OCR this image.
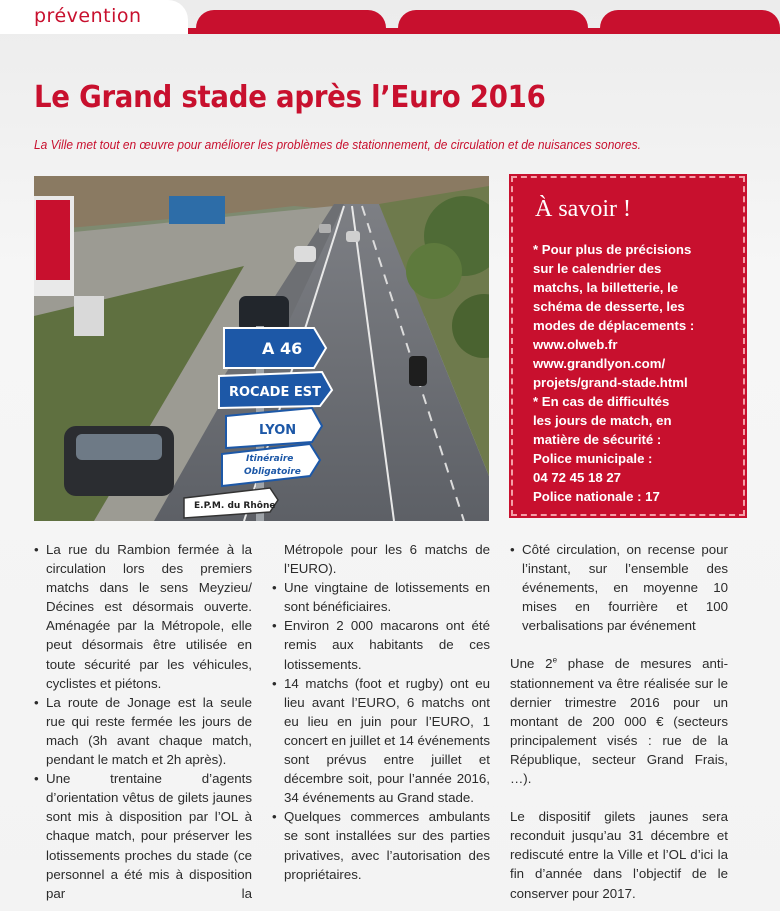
prévention
Le Grand stade après l’Euro 2016
La Ville met tout en œuvre pour améliorer les problèmes de stationnement, de circulation et de nuisances sonores.
A 46
ROCADE EST
LYON
Itinéraire
Obligatoire
E.P.M. du Rhône
À savoir !
* Pour plus de précisions
sur le calendrier des
matchs, la billetterie, le
schéma de desserte, les
modes de déplacements :
www.olweb.fr
www.grandlyon.com/
projets/grand-stade.html
* En cas de difficultés
les jours de match, en
matière de sécurité :
Police municipale :
04 72 45 18 27
Police nationale : 17
• La rue du Rambion fermée à la circulation lors des premiers matchs dans le sens Meyzieu/ Décines est désormais ouverte. Aménagée par la Métropole, elle peut désormais être utilisée en toute sécurité par les véhicules, cyclistes et piétons.
• La route de Jonage est la seule rue qui reste fermée les jours de mach (3h avant chaque match, pendant le match et 2h après).
• Une trentaine d’agents d’orientation vêtus de gilets jaunes sont mis à disposition par l’OL à chaque match, pour préserver les lotissements proches du stade (ce personnel a été mis à disposition par la
Métropole pour les 6 matchs de l’EURO).
• Une vingtaine de lotissements en sont bénéficiaires.
• Environ 2 000 macarons ont été remis aux habitants de ces lotissements.
• 14 matchs (foot et rugby) ont eu lieu avant l’EURO, 6 matchs ont eu lieu en juin pour l’EURO, 1 concert en juillet et 14 événements sont prévus entre juillet et décembre soit, pour l’année 2016, 34 événements au Grand stade.
• Quelques commerces ambulants se sont installées sur des parties privatives, avec l’autorisation des propriétaires.
• Côté circulation, on recense pour l’instant, sur l’ensemble des événements, en moyenne 10 mises en fourrière et 100 verbalisations par événement
Une 2e phase de mesures anti-stationnement va être réalisée sur le dernier trimestre 2016 pour un montant de 200 000 € (secteurs principalement visés : rue de la République, secteur Grand Frais, …).
Le dispositif gilets jaunes sera reconduit jusqu’au 31 décembre et rediscuté entre la Ville et l’OL d’ici la fin d’année dans l’objectif de le conserver pour 2017.
